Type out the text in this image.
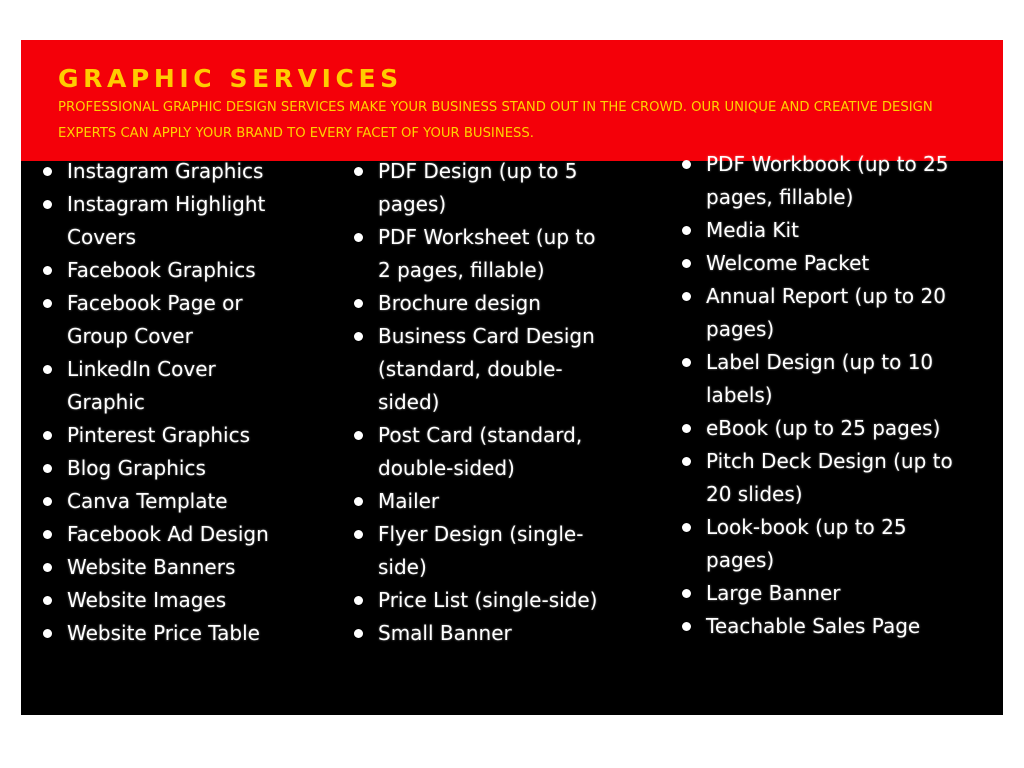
GRAPHIC SERVICES

PROFESSIONAL GRAPHIC DESIGN SERVICES MAKE YOUR BUSINESS STAND OUT IN THE CROWD. OUR UNIQUE AND CREATIVE DESIGN EXPERTS CAN APPLY YOUR BRAND TO EVERY FACET OF YOUR BUSINESS.

Instagram Graphics
Instagram Highlight Covers
Facebook Graphics
Facebook Page or Group Cover
LinkedIn Cover Graphic
Pinterest Graphics
Blog Graphics
Canva Template
Facebook Ad Design
Website Banners
Website Images
Website Price Table
PDF Design (up to 5 pages)
PDF Worksheet (up to 2 pages, fillable)
Brochure design
Business Card Design (standard, double-sided)
Post Card (standard, double-sided)
Mailer
Flyer Design (single-side)
Price List (single-side)
Small Banner
PDF Workbook (up to 25 pages, fillable)
Media Kit
Welcome Packet
Annual Report (up to 20 pages)
Label Design (up to 10 labels)
eBook (up to 25 pages)
Pitch Deck Design (up to 20 slides)
Look-book (up to 25 pages)
Large Banner
Teachable Sales Page
